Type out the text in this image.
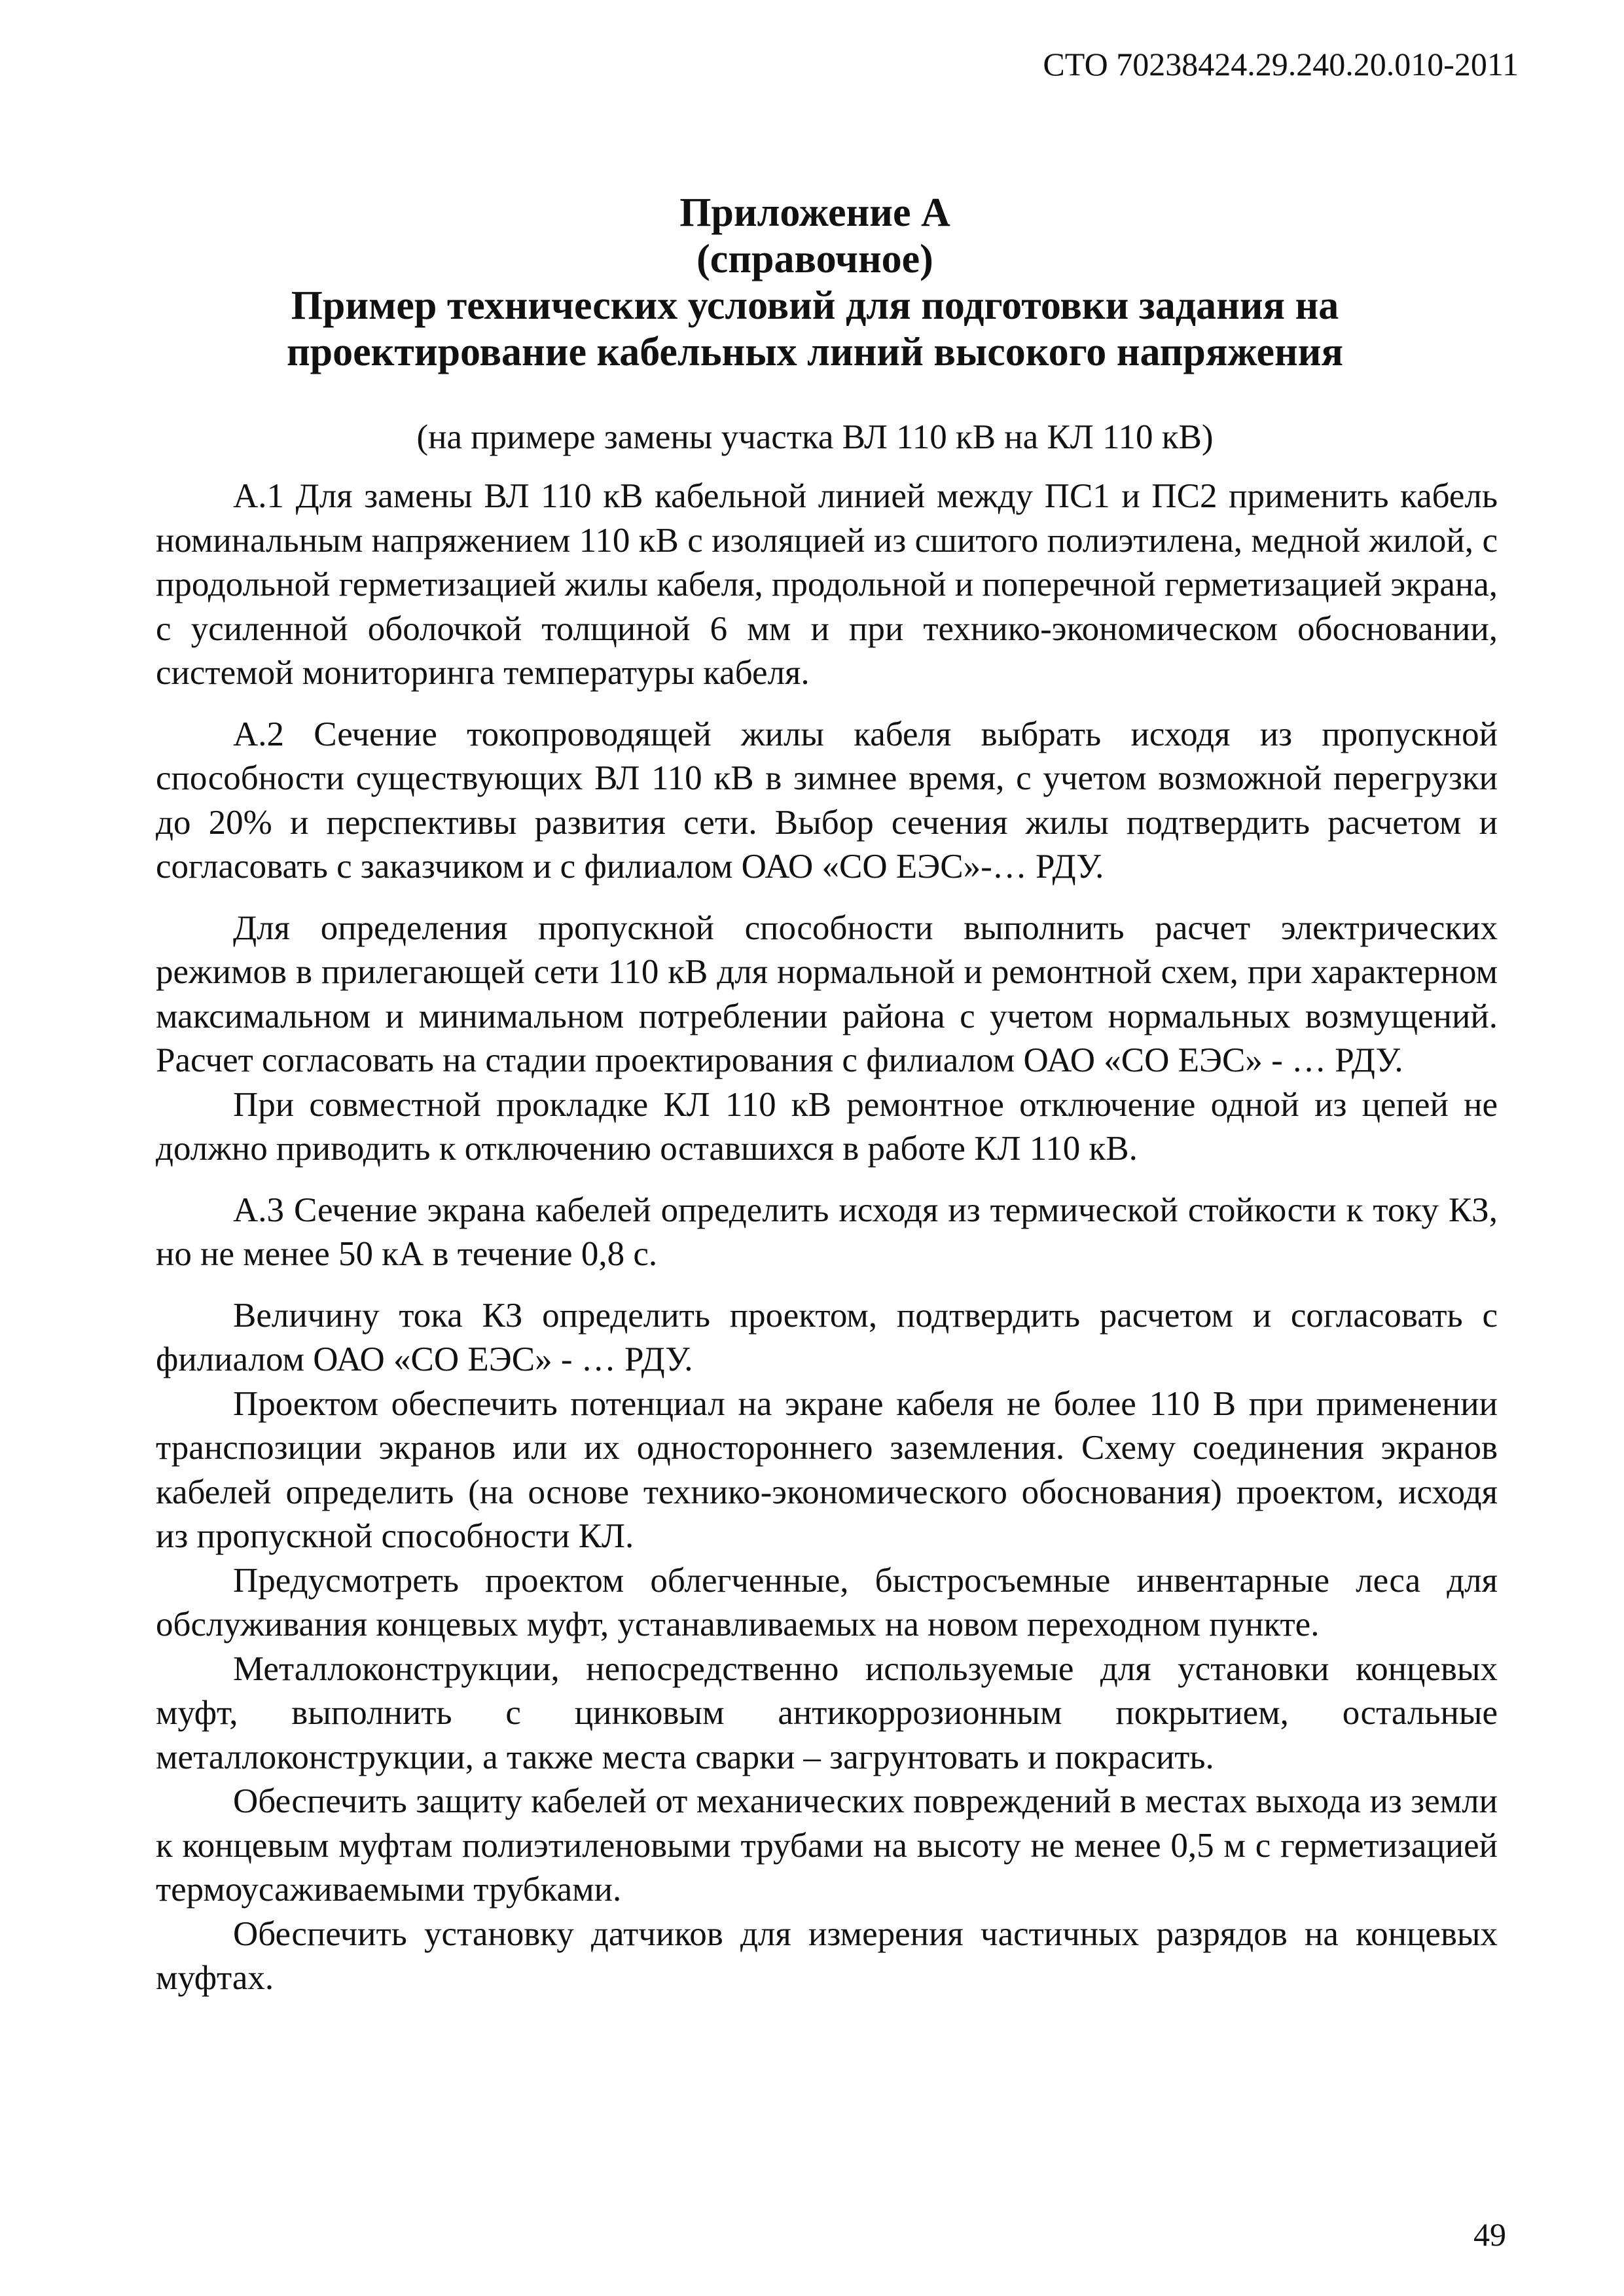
СТО 70238424.29.240.20.010-2011
Приложение А
(справочное)
Пример технических условий для подготовки задания на
проектирование кабельных линий высокого напряжения
(на примере замены участка ВЛ 110 кВ на КЛ 110 кВ)

А.1 Для замены ВЛ 110 кВ кабельной линией между ПС1 и ПС2 применить кабель номинальным напряжением 110 кВ с изоляцией из сшитого полиэтилена, медной жилой, с продольной герметизацией жилы кабеля, продольной и поперечной герметизацией экрана, с усиленной оболочкой толщиной 6 мм и при технико-экономическом обосновании, системой мониторинга температуры кабеля.

А.2 Сечение токопроводящей жилы кабеля выбрать исходя из пропускной способности существующих ВЛ 110 кВ в зимнее время, с учетом возможной перегрузки до 20% и перспективы развития сети. Выбор сечения жилы подтвердить расчетом и согласовать с заказчиком и с филиалом ОАО «СО ЕЭС»-… РДУ.

Для определения пропускной способности выполнить расчет электрических режимов в прилегающей сети 110 кВ для нормальной и ремонтной схем, при характерном максимальном и минимальном потреблении района с учетом нормальных возмущений. Расчет согласовать на стадии проектирования с филиалом ОАО «СО ЕЭС» - … РДУ.

При совместной прокладке КЛ 110 кВ ремонтное отключение одной из цепей не должно приводить к отключению оставшихся в работе КЛ 110 кВ.

А.3 Сечение экрана кабелей определить исходя из термической стойкости к току КЗ, но не менее 50 кА в течение 0,8 с.

Величину тока КЗ определить проектом, подтвердить расчетом и согласовать с филиалом ОАО «СО ЕЭС» - … РДУ.

Проектом обеспечить потенциал на экране кабеля не более 110 В при применении транспозиции экранов или их одностороннего заземления. Схему соединения экранов кабелей определить (на основе технико-экономического обоснования) проектом, исходя из пропускной способности КЛ.

Предусмотреть проектом облегченные, быстросъемные инвентарные леса для обслуживания концевых муфт, устанавливаемых на новом переходном пункте.

Металлоконструкции, непосредственно используемые для установки концевых муфт, выполнить с цинковым антикоррозионным покрытием, остальные металлоконструкции, а также места сварки – загрунтовать и покрасить.

Обеспечить защиту кабелей от механических повреждений в местах выхода из земли к концевым муфтам полиэтиленовыми трубами на высоту не менее 0,5 м с герметизацией термоусаживаемыми трубками.

Обеспечить установку датчиков для измерения частичных разрядов на концевых муфтах.

49
